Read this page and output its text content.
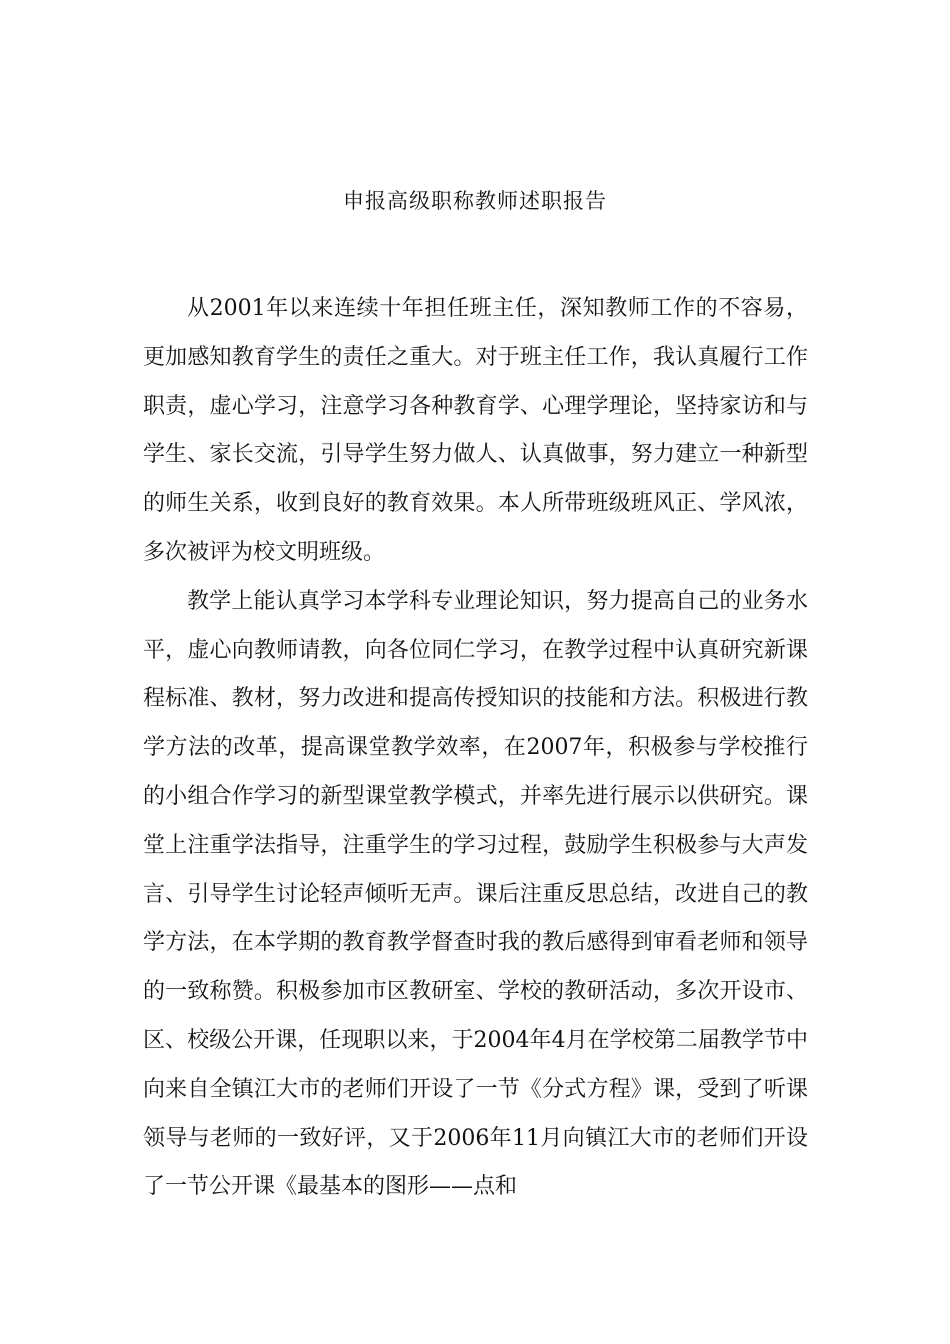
申报高级职称教师述职报告

从2001年以来连续十年担任班主任，深知教师工作的不容易，更加感知教育学生的责任之重大。对于班主任工作，我认真履行工作职责，虚心学习，注意学习各种教育学、心理学理论，坚持家访和与学生、家长交流，引导学生努力做人、认真做事，努力建立一种新型的师生关系，收到良好的教育效果。本人所带班级班风正、学风浓，多次被评为校文明班级。

教学上能认真学习本学科专业理论知识，努力提高自己的业务水平，虚心向教师请教，向各位同仁学习，在教学过程中认真研究新课程标准、教材，努力改进和提高传授知识的技能和方法。积极进行教学方法的改革，提高课堂教学效率，在2007年，积极参与学校推行的小组合作学习的新型课堂教学模式，并率先进行展示以供研究。课堂上注重学法指导，注重学生的学习过程，鼓励学生积极参与大声发言、引导学生讨论轻声倾听无声。课后注重反思总结，改进自己的教学方法，在本学期的教育教学督查时我的教后感得到审看老师和领导的一致称赞。积极参加市区教研室、学校的教研活动，多次开设市、区、校级公开课，任现职以来，于2004年4月在学校第二届教学节中向来自全镇江大市的老师们开设了一节《分式方程》课，受到了听课领导与老师的一致好评，又于2006年11月向镇江大市的老师们开设了一节公开课《最基本的图形——点和
